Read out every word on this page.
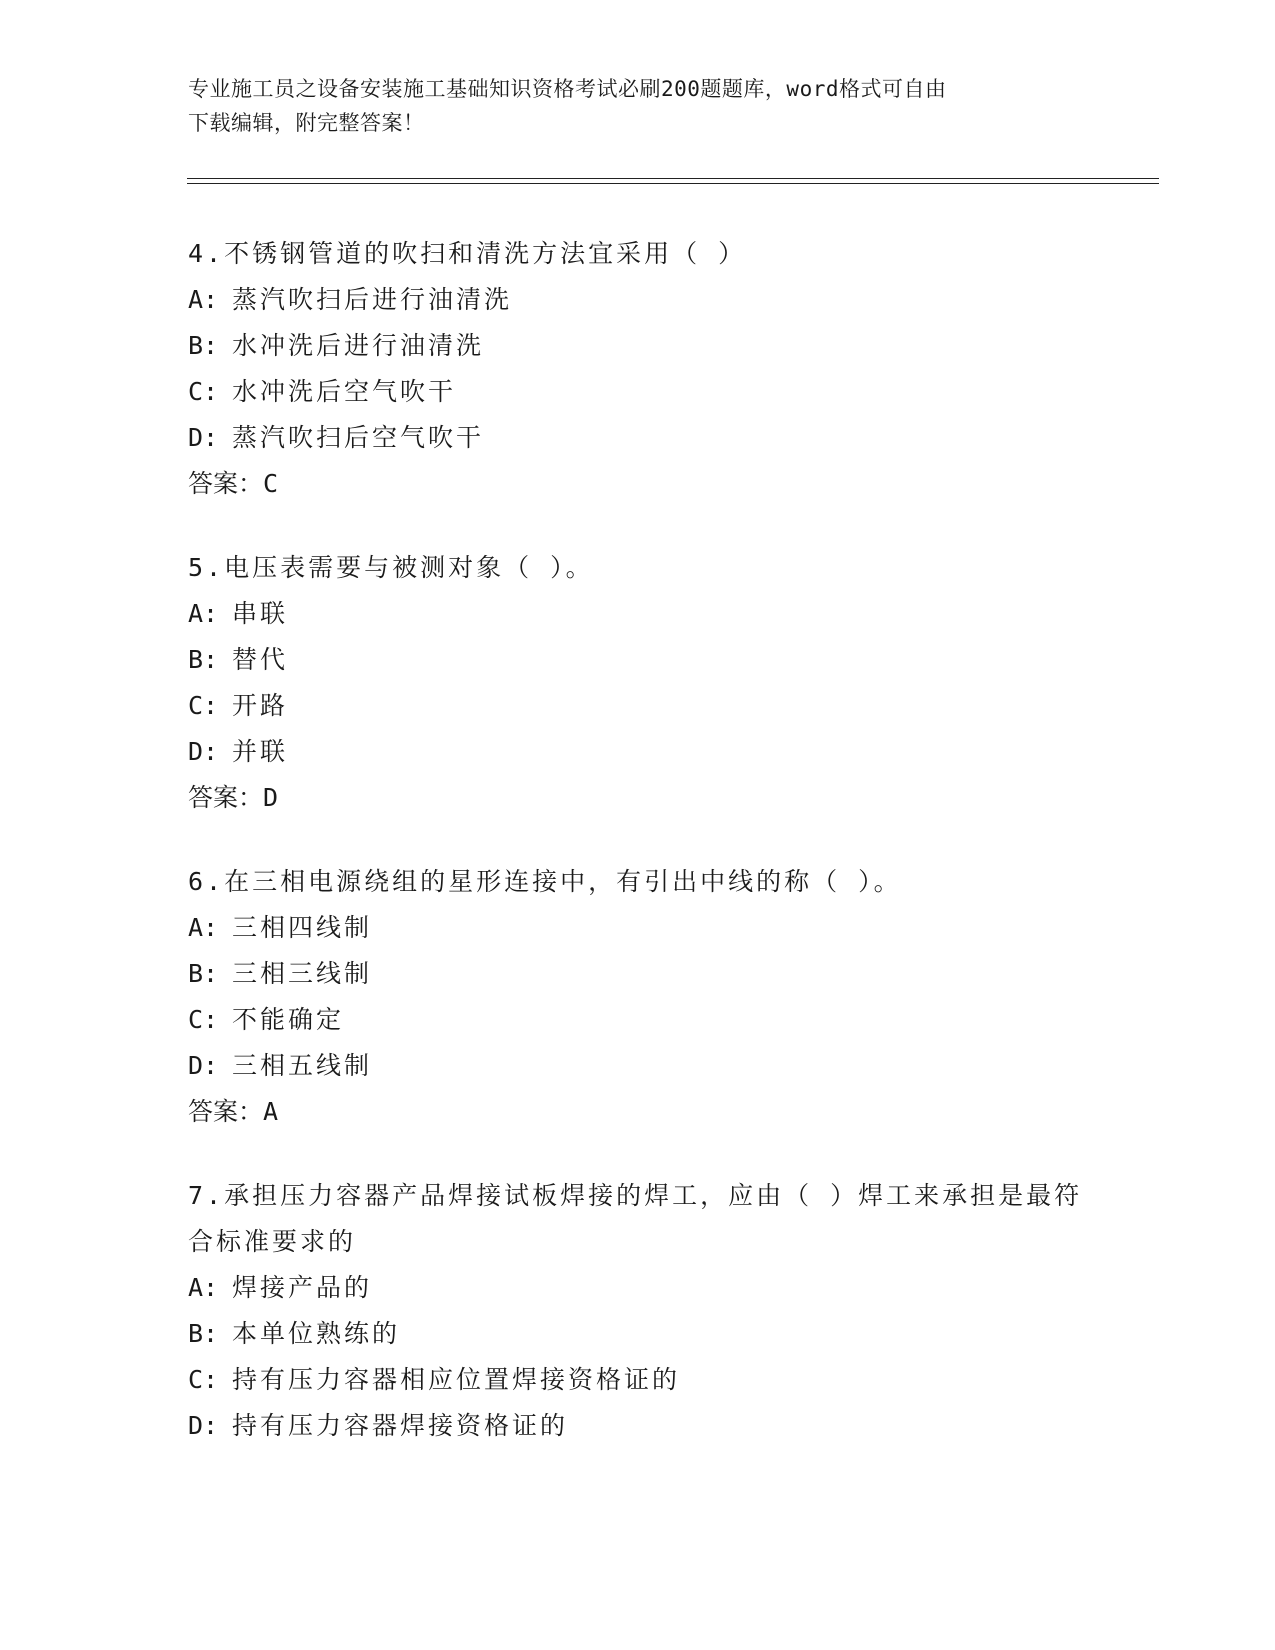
专业施工员之设备安装施工基础知识资格考试必刷200题题库，word格式可自由
下载编辑，附完整答案！
4.不锈钢管道的吹扫和清洗方法宜采用（ ）
A: 蒸汽吹扫后进行油清洗
B: 水冲洗后进行油清洗
C: 水冲洗后空气吹干
D: 蒸汽吹扫后空气吹干
答案：C
5.电压表需要与被测对象（ ）。
A: 串联
B: 替代
C: 开路
D: 并联
答案：D
6.在三相电源绕组的星形连接中，有引出中线的称（ ）。
A: 三相四线制
B: 三相三线制
C: 不能确定
D: 三相五线制
答案：A
7.承担压力容器产品焊接试板焊接的焊工，应由（ ）焊工来承担是最符合标准要求的
A: 焊接产品的
B: 本单位熟练的
C: 持有压力容器相应位置焊接资格证的
D: 持有压力容器焊接资格证的
